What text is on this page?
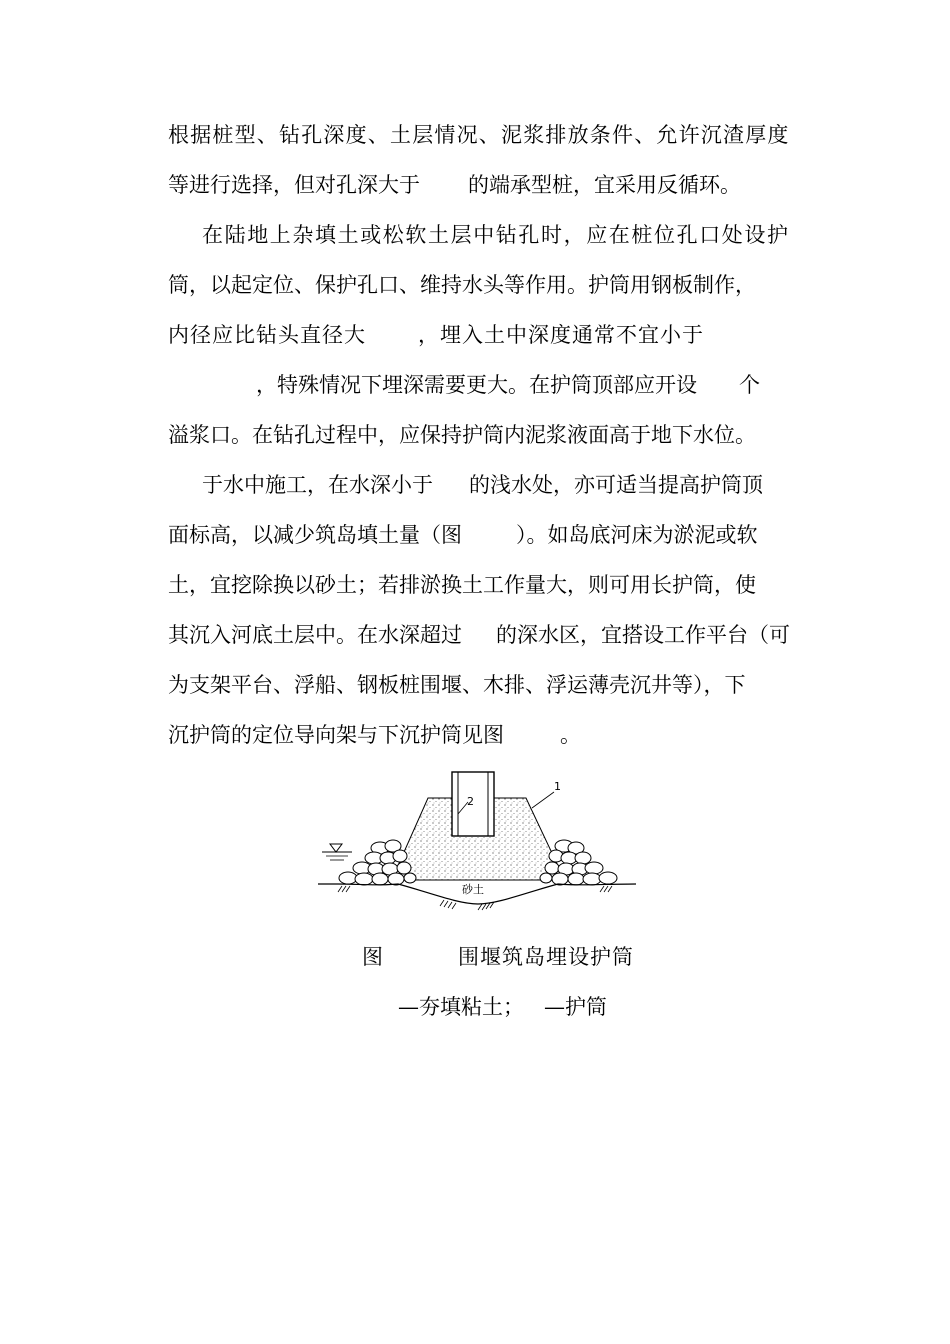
根据桩型、钻孔深度、土层情况、泥浆排放条件、允许沉渣厚度
等进行选择，但对孔深大于 的端承型桩，宜采用反循环。
在陆地上杂填土或松软土层中钻孔时，应在桩位孔口处设护
筒，以起定位、保护孔口、维持水头等作用。护筒用钢板制作，
内径应比钻头直径大 ，埋入土中深度通常不宜小于
，特殊情况下埋深需要更大。在护筒顶部应开设 个
溢浆口。在钻孔过程中，应保持护筒内泥浆液面高于地下水位。
于水中施工，在水深小于 的浅水处，亦可适当提高护筒顶
面标高，以减少筑岛填土量（图	）。如岛底河床为淤泥或软
土，宜挖除换以砂土；若排淤换土工作量大，则可用长护筒，使
其沉入河底土层中。在水深超过 的深水区，宜搭设工作平台（可
为支架平台、浮船、钢板桩围堰、木排、浮运薄壳沉井等），下
沉护筒的定位导向架与下沉护筒见图	。
2
1
砂土
图	围堰筑岛埋设护筒
—夯填粘土； —护筒
